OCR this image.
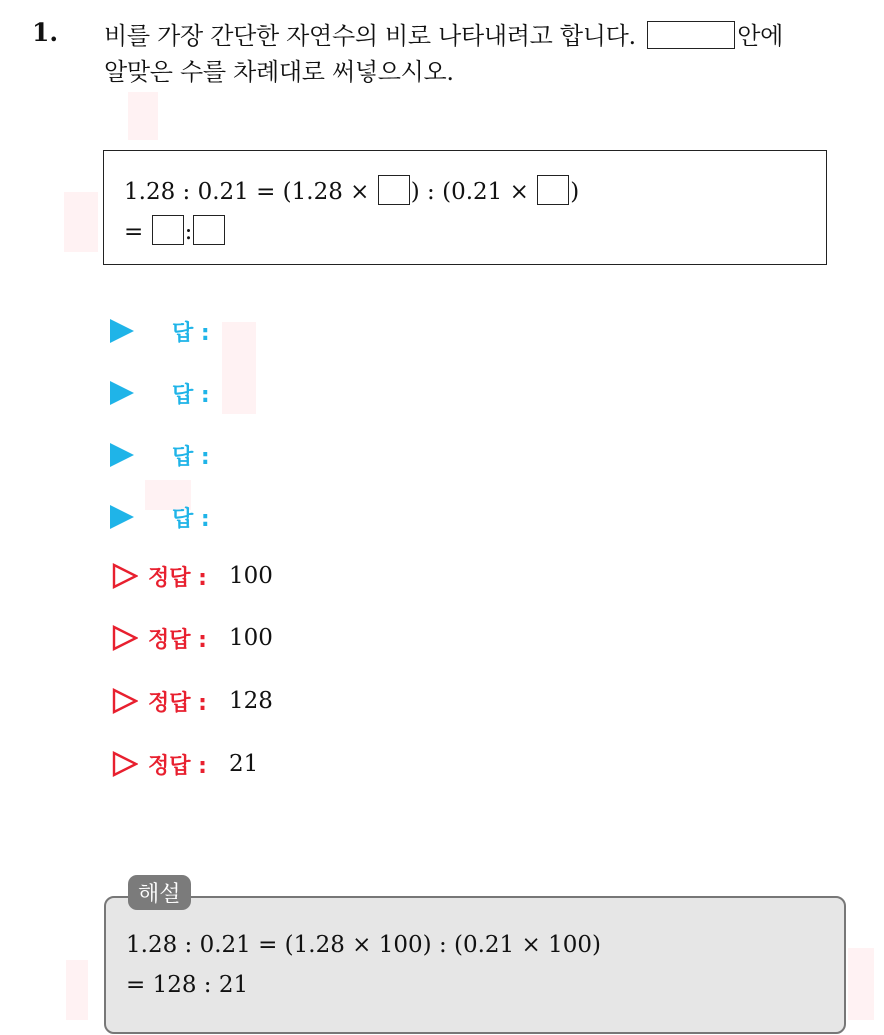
1. 비를 가장 간단한 자연수의 비로 나타내려고 합니다.	안에
알맞은 수를 차례대로 써넣으시오.
1.28 : 0.21 = (1.28 × ) : (0.21 × )
= :
답 :
답 :
답 :
답 :
정답 : 100
정답 : 100
정답 : 128
정답 : 21
1.28 : 0.21 = (1.28 × 100) : (0.21 × 100)
= 128 : 21
해설
